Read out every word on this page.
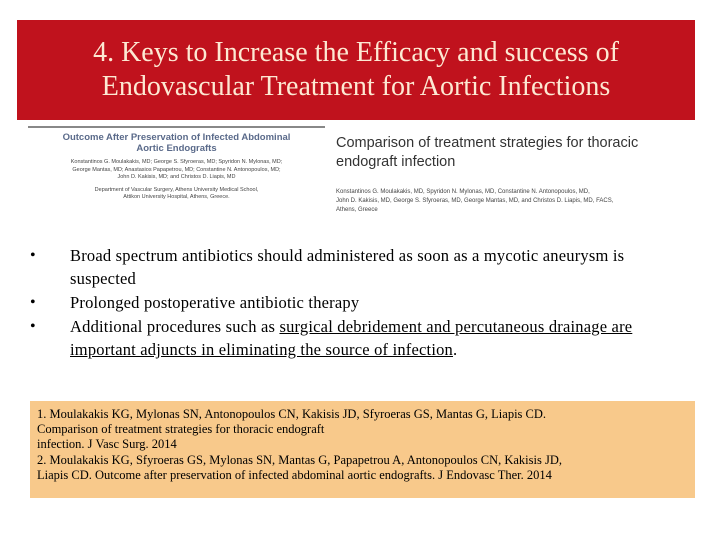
4. Keys to Increase the Efficacy and success of
Endovascular Treatment for Aortic Infections
Outcome After Preservation of Infected Abdominal
Aortic Endografts
Konstantinos G. Moulakakis, MD; George S. Sfyroeras, MD; Spyridon N. Mylonas, MD;
George Mantas, MD; Anastasios Papapetrou, MD; Constantine N. Antonopoulos, MD;
John D. Kakisis, MD; and Christos D. Liapis, MD
Department of Vascular Surgery, Athens University Medical School,
Attikon University Hospital, Athens, Greece.
Comparison of treatment strategies for thoracic
endograft infection
Konstantinos G. Moulakakis, MD, Spyridon N. Mylonas, MD, Constantine N. Antonopoulos, MD,
John D. Kakisis, MD, George S. Sfyroeras, MD, George Mantas, MD, and Christos D. Liapis, MD, FACS,
Athens, Greece
• Broad spectrum antibiotics should administered as soon as a mycotic aneurysm is suspected
• Prolonged postoperative antibiotic therapy
• Additional procedures such as surgical debridement and percutaneous drainage are important adjuncts in eliminating the source of infection.
1. Moulakakis KG, Mylonas SN, Antonopoulos CN, Kakisis JD, Sfyroeras GS, Mantas G, Liapis CD.
Comparison of treatment strategies for thoracic endograft
infection. J Vasc Surg. 2014
2. Moulakakis KG, Sfyroeras GS, Mylonas SN, Mantas G, Papapetrou A, Antonopoulos CN, Kakisis JD,
Liapis CD. Outcome after preservation of infected abdominal aortic endografts. J Endovasc Ther. 2014
